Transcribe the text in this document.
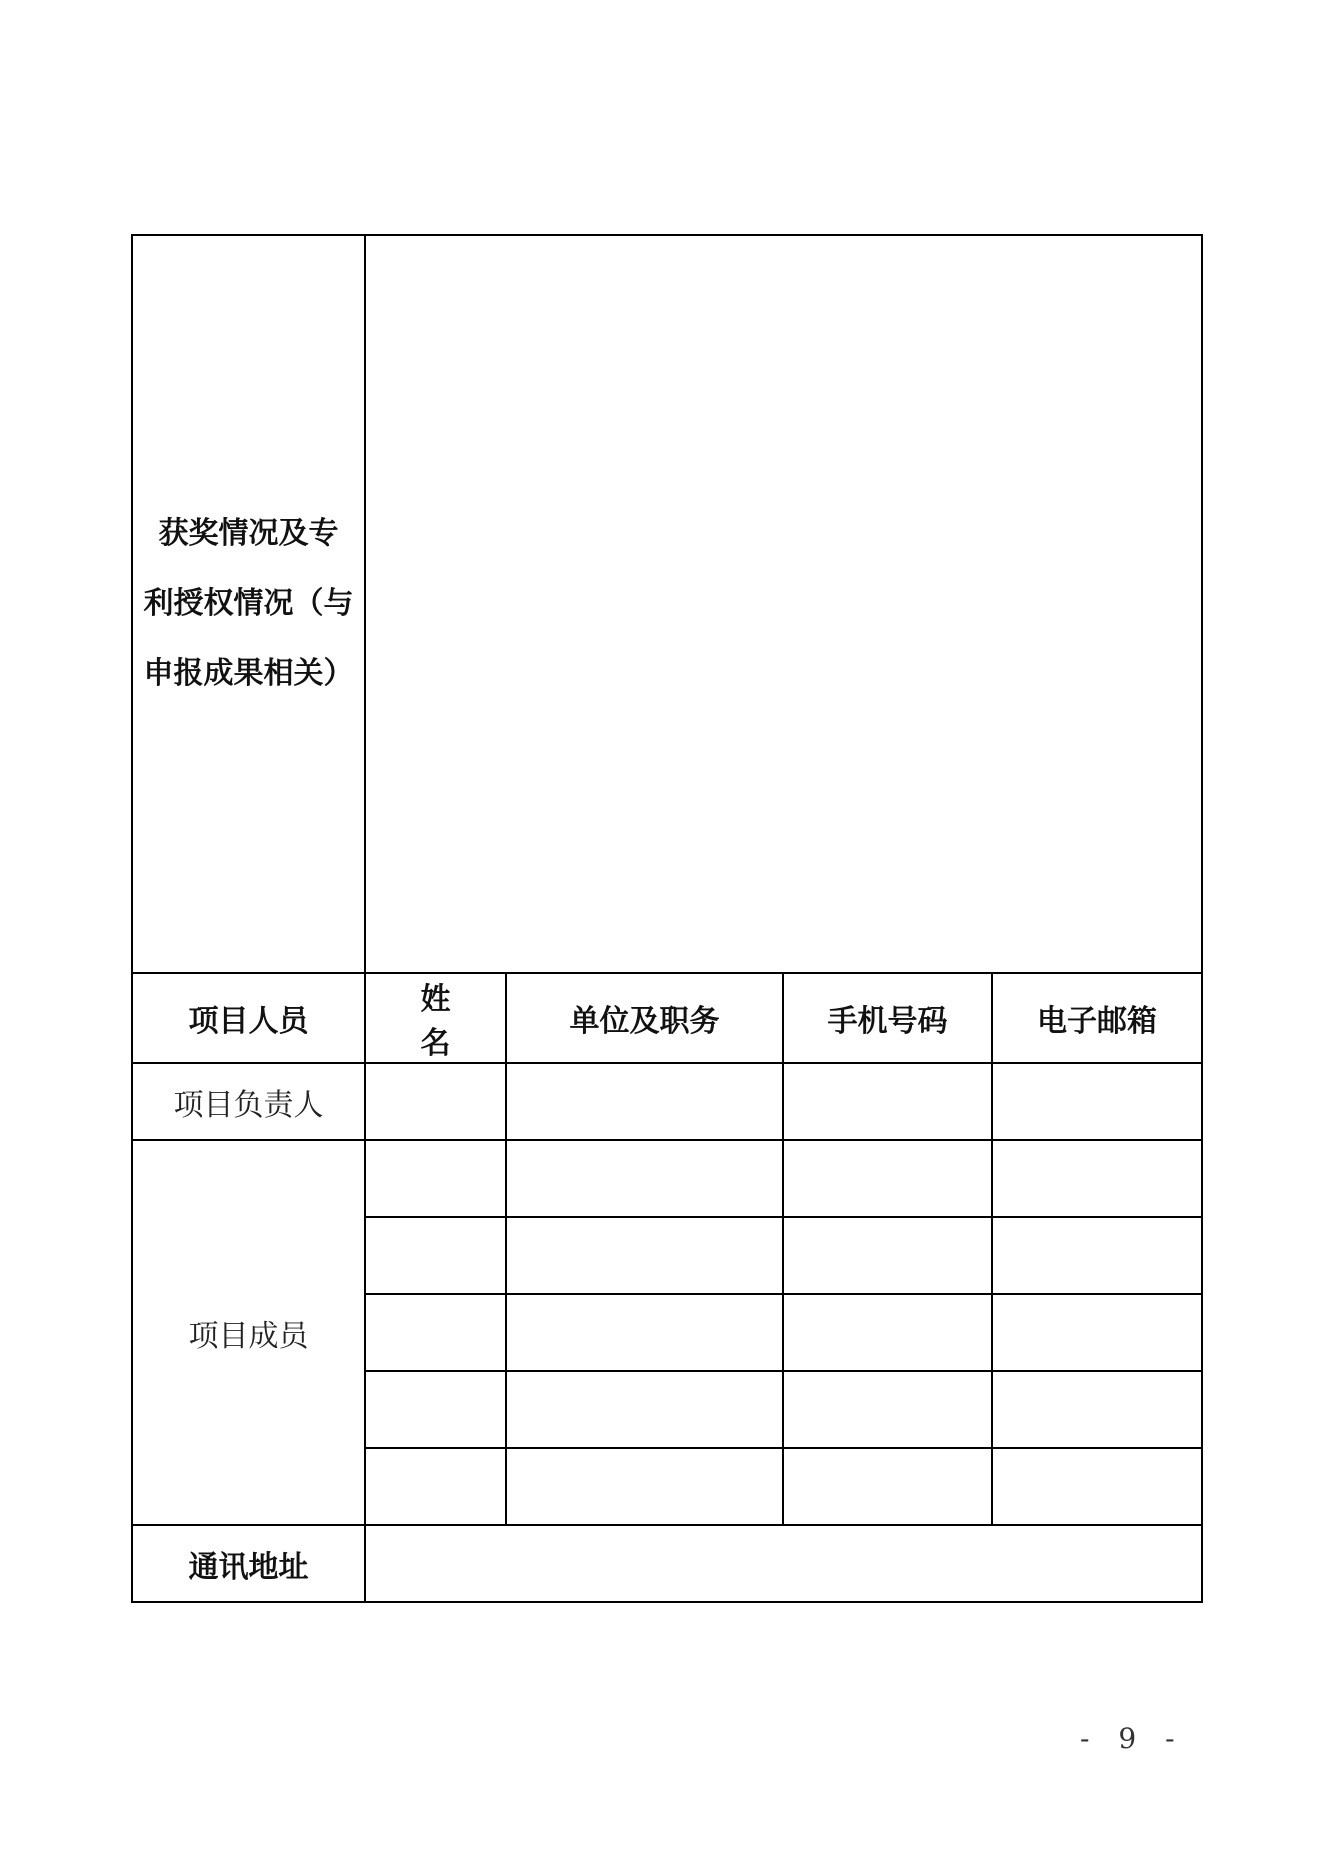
获奖情况及专
利授权情况（与
申报成果相关）				

项目人员	姓 名	单位及职务	手机号码	电子邮箱
项目负责人				
项目成员				

通讯地址				
- 9 -
